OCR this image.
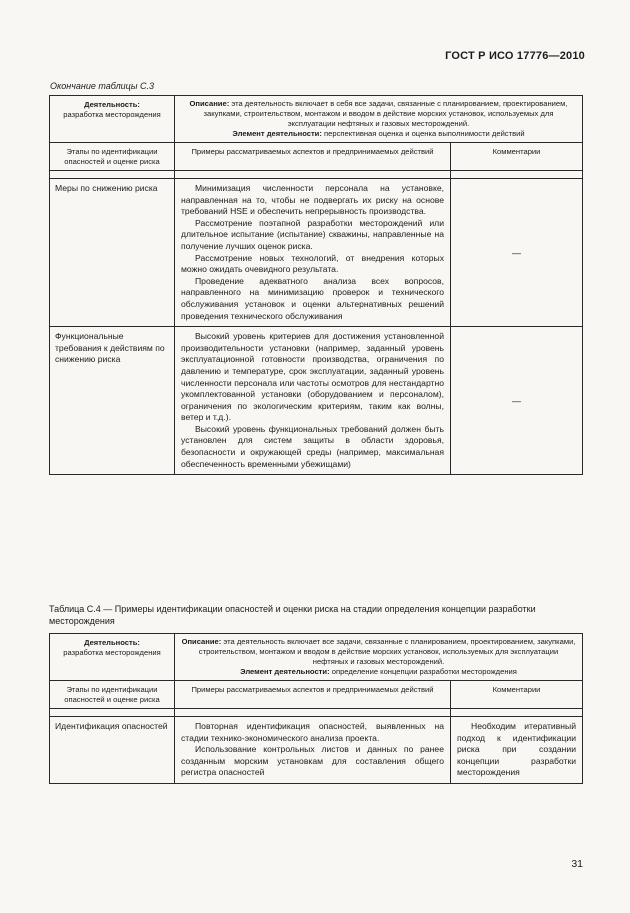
ГОСТ Р ИСО 17776—2010
Окончание таблицы С.3
Деятельность:
разработка месторождения	Описание: эта деятельность включает в себя все задачи, связанные с планированием, проектированием, закупками, строительством, монтажом и вводом в действие морских установок, используемых для эксплуатации нефтяных и газовых месторождений.
Элемент деятельности: перспективная оценка и оценка выполнимости действий	
Этапы по идентификации опасностей и оценке риска	Примеры рассматриваемых аспектов и предпринимаемых действий	Комментарии

Меры по снижению риска	Минимизация численности персонала на установке, направленная на то, чтобы не подвергать их риску на основе требований HSE и обеспечить непрерывность производства.
Рассмотрение поэтапной разработки месторождений или длительное испытание (испытание) скважины, направленные на получение лучших оценок риска.
Рассмотрение новых технологий, от внедрения которых можно ожидать очевидного результата.
Проведение адекватного анализа всех вопросов, направленного на минимизацию проверок и технического обслуживания установок и оценки альтернативных решений проведения технического обслуживания	—
Функциональные требования к действиям по снижению риска	Высокий уровень критериев для достижения установленной производительности установки (например, заданный уровень эксплуатационной готовности производства, ограничения по давлению и температуре, срок эксплуатации, заданный уровень численности персонала или частоты осмотров для нестандартно укомплектованной установки (оборудованием и персоналом), ограничения по экологическим критериям, таким как волны, ветер и т.д.).
Высокий уровень функциональных требований должен быть установлен для систем защиты в области здоровья, безопасности и окружающей среды (например, максимальная обеспеченность временными убежищами)	—
Таблица С.4 — Примеры идентификации опасностей и оценки риска на стадии определения концепции разработки месторождения
Деятельность:
разработка месторождения	Описание: эта деятельность включает все задачи, связанные с планированием, проектированием, закупками, строительством, монтажом и вводом в действие морских установок, используемых для эксплуатации нефтяных и газовых месторождений.
Элемент деятельности: определение концепции разработки месторождения	
Этапы по идентификации опасностей и оценке риска	Примеры рассматриваемых аспектов и предпринимаемых действий	Комментарии

Идентификация опасностей	Повторная идентификация опасностей, выявленных на стадии технико-экономического анализа проекта.
Использование контрольных листов и данных по ранее созданным морским установкам для составления общего регистра опасностей	Необходим итеративный подход к идентификации риска при создании концепции разработки месторождения
31
